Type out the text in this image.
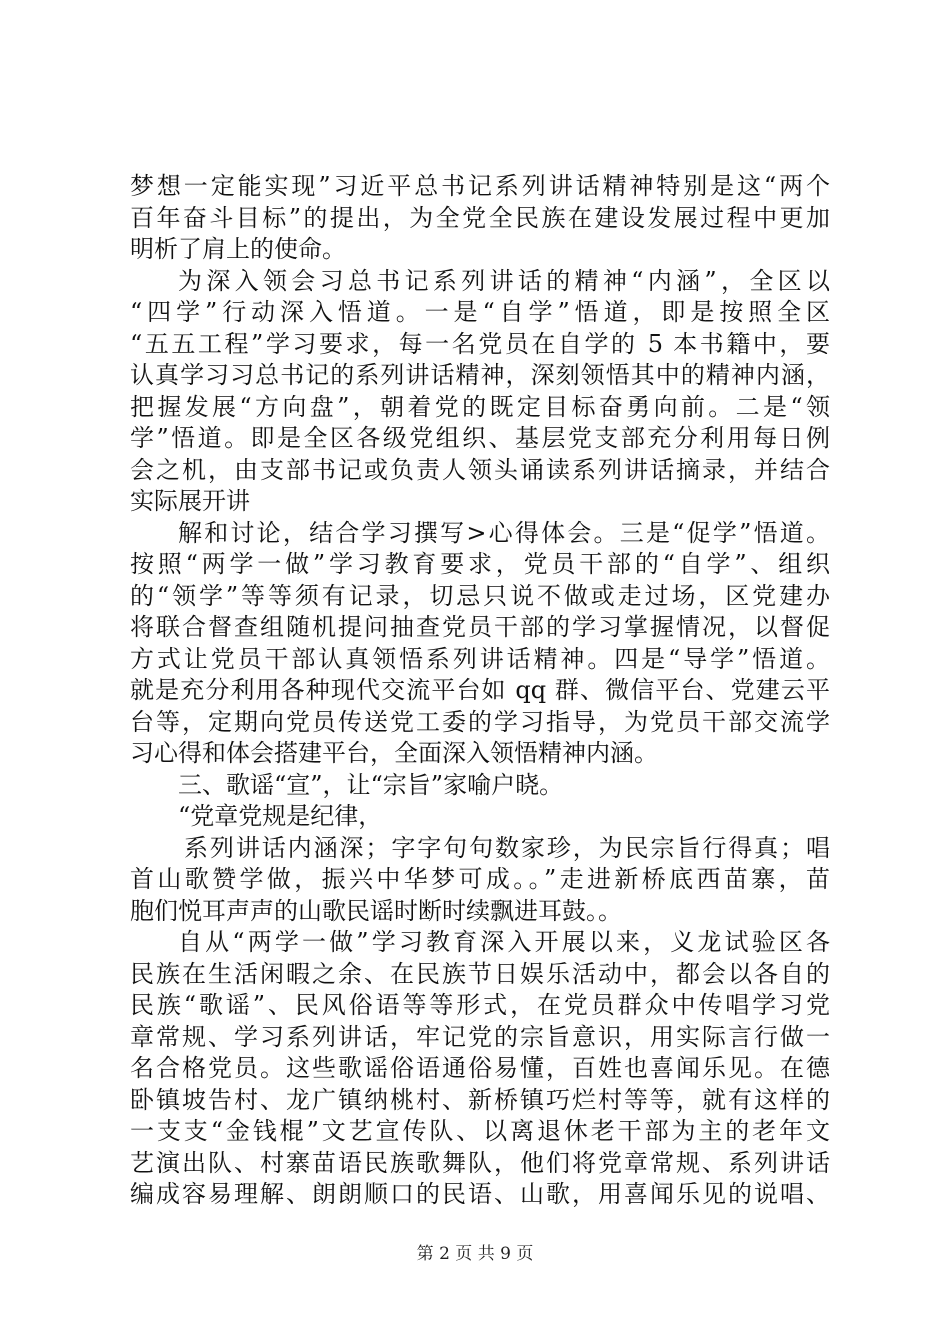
梦想一定能实现”习近平总书记系列讲话精神特别是这“两个
百年奋斗目标”的提出，为全党全民族在建设发展过程中更加
明析了肩上的使命。
为深入领会习总书记系列讲话的精神“内涵”，全区以
“四学”行动深入悟道。一是“自学”悟道，即是按照全区
“五五工程”学习要求，每一名党员在自学的 5 本书籍中，要
认真学习习总书记的系列讲话精神，深刻领悟其中的精神内涵，
把握发展“方向盘”，朝着党的既定目标奋勇向前。二是“领
学”悟道。即是全区各级党组织、基层党支部充分利用每日例
会之机，由支部书记或负责人领头诵读系列讲话摘录，并结合
实际展开讲
解和讨论，结合学习撰写>心得体会。三是“促学”悟道。
按照“两学一做”学习教育要求，党员干部的“自学”、组织
的“领学”等等须有记录，切忌只说不做或走过场，区党建办
将联合督查组随机提问抽查党员干部的学习掌握情况，以督促
方式让党员干部认真领悟系列讲话精神。四是“导学”悟道。
就是充分利用各种现代交流平台如 qq 群、微信平台、党建云平
台等，定期向党员传送党工委的学习指导，为党员干部交流学
习心得和体会搭建平台，全面深入领悟精神内涵。
三、歌谣“宣”，让“宗旨”家喻户晓。
“党章党规是纪律，
系列讲话内涵深；字字句句数家珍，为民宗旨行得真；唱
首山歌赞学做，振兴中华梦可成。。”走进新桥底西苗寨，苗
胞们悦耳声声的山歌民谣时断时续飘进耳鼓。。
自从“两学一做”学习教育深入开展以来，义龙试验区各
民族在生活闲暇之余、在民族节日娱乐活动中，都会以各自的
民族“歌谣”、民风俗语等等形式，在党员群众中传唱学习党
章常规、学习系列讲话，牢记党的宗旨意识，用实际言行做一
名合格党员。这些歌谣俗语通俗易懂，百姓也喜闻乐见。在德
卧镇坡告村、龙广镇纳桃村、新桥镇巧烂村等等，就有这样的
一支支“金钱棍”文艺宣传队、以离退休老干部为主的老年文
艺演出队、村寨苗语民族歌舞队，他们将党章常规、系列讲话
编成容易理解、朗朗顺口的民语、山歌，用喜闻乐见的说唱、
第 2 页 共 9 页
